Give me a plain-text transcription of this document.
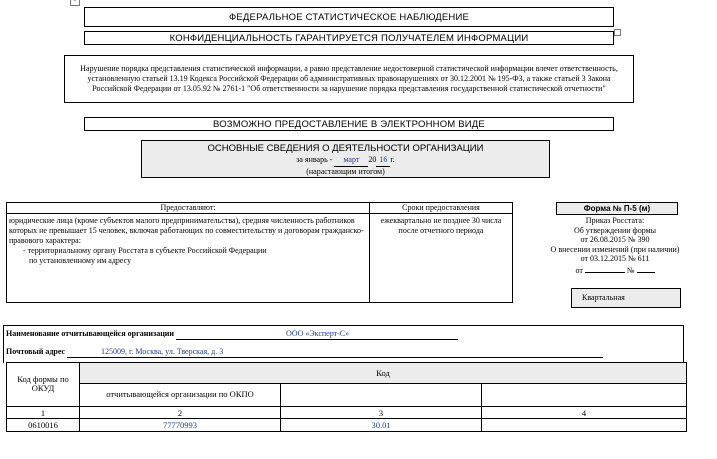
+
ФЕДЕРАЛЬНОЕ СТАТИСТИЧЕСКОЕ НАБЛЮДЕНИЕ
КОНФИДЕНЦИАЛЬНОСТЬ ГАРАНТИРУЕТСЯ ПОЛУЧАТЕЛЕМ ИНФОРМАЦИИ
Нарушение порядка представления статистической информации, а равно представление недостоверной статистической информации влечет ответственность, установленную статьей 13.19 Кодекса Российской Федерации об административных правонарушениях от 30.12.2001 № 195-ФЗ, а также статьей 3 Закона Российской Федерации от 13.05.92 № 2761-1 "Об ответственности за нарушение порядка представления государственной статистической отчетности"
ВОЗМОЖНО ПРЕДОСТАВЛЕНИЕ В ЭЛЕКТРОННОМ ВИДЕ
ОСНОВНЫЕ СВЕДЕНИЯ О ДЕЯТЕЛЬНОСТИ ОРГАНИЗАЦИИ
за январь - март 20 16 г.
(нарастающим итогом)
Предоставляют:	Сроки предоставления
юридические лица (кроме субъектов малого предпринимательства), средняя численность работников которых не превышает 15 человек, включая работающих по совместительству и договорам гражданско-правового характера:
- территориальному органу Росстата в субъекте Российской Федерации
по установленному им адресу
ежеквартально не позднее 30 числа после отчетного периода
Форма № П-5 (м)
Приказ Росстата:
Об утверждении формы
от 26.08.2015 № 390
О внесении изменений (при наличии)
от 03.12.2015 № 611
от	№
Квартальная
Наименование отчитывающейся организации	ООО «Эксперт-С»
Почтовый адрес	125009, г. Москва, ул. Тверская, д. 3
Код формы по ОКУД	Код		
	отчитывающейся организации по ОКПО		
1	2	3	4
0610016	77770993	30.01	
